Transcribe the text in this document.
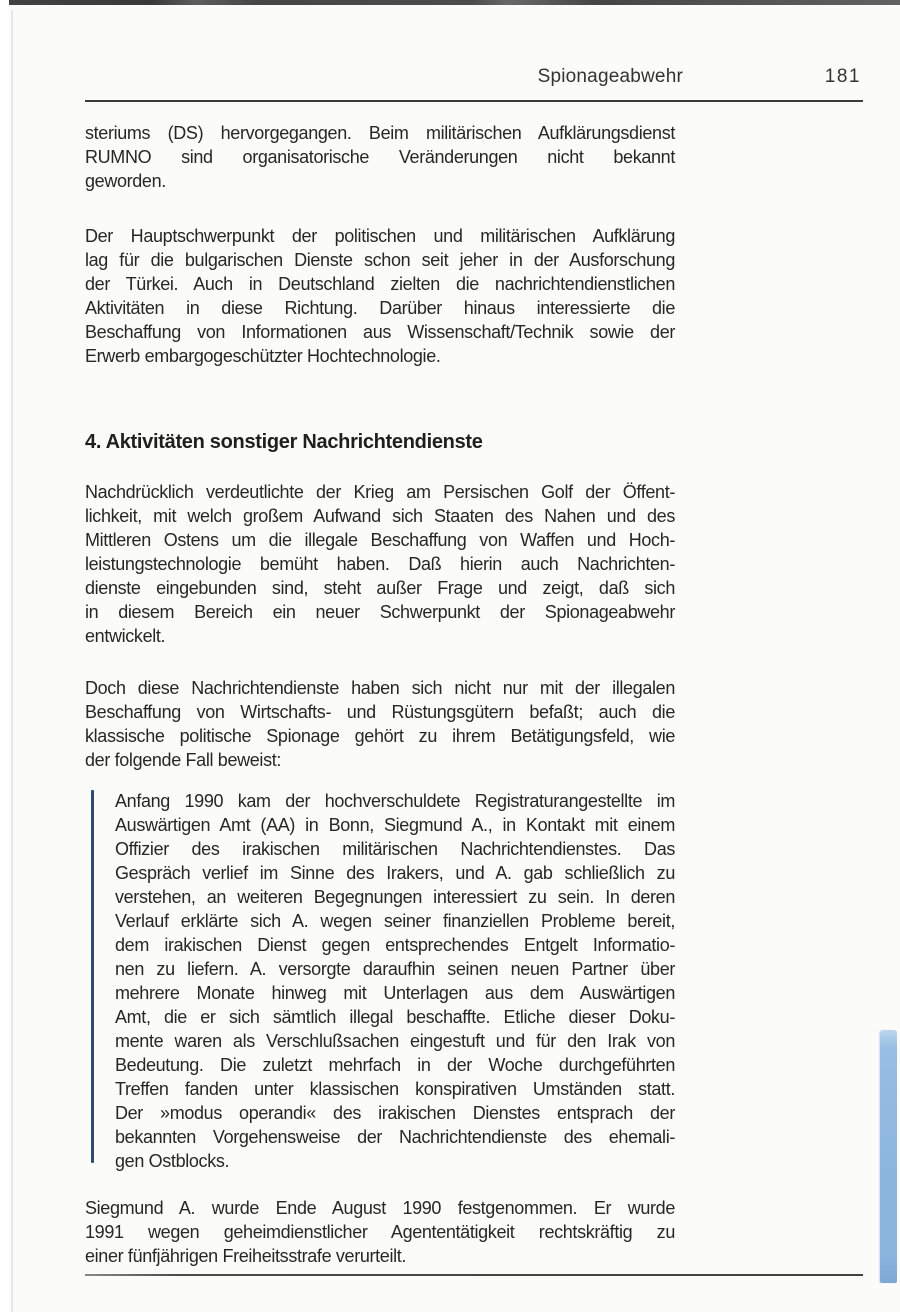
Spionageabwehr	181
steriums (DS) hervorgegangen. Beim militärischen Aufklärungsdienst
RUMNO sind organisatorische Veränderungen nicht bekannt
geworden.
Der Hauptschwerpunkt der politischen und militärischen Aufklärung
lag für die bulgarischen Dienste schon seit jeher in der Ausforschung
der Türkei. Auch in Deutschland zielten die nachrichtendienstlichen
Aktivitäten in diese Richtung. Darüber hinaus interessierte die
Beschaffung von Informationen aus Wissenschaft/Technik sowie der
Erwerb embargogeschützter Hochtechnologie.
4. Aktivitäten sonstiger Nachrichtendienste
Nachdrücklich verdeutlichte der Krieg am Persischen Golf der Öffent-
lichkeit, mit welch großem Aufwand sich Staaten des Nahen und des
Mittleren Ostens um die illegale Beschaffung von Waffen und Hoch-
leistungstechnologie bemüht haben. Daß hierin auch Nachrichten-
dienste eingebunden sind, steht außer Frage und zeigt, daß sich
in diesem Bereich ein neuer Schwerpunkt der Spionageabwehr
entwickelt.
Doch diese Nachrichtendienste haben sich nicht nur mit der illegalen
Beschaffung von Wirtschafts- und Rüstungsgütern befaßt; auch die
klassische politische Spionage gehört zu ihrem Betätigungsfeld, wie
der folgende Fall beweist:
Anfang 1990 kam der hochverschuldete Registraturangestellte im
Auswärtigen Amt (AA) in Bonn, Siegmund A., in Kontakt mit einem
Offizier des irakischen militärischen Nachrichtendienstes. Das
Gespräch verlief im Sinne des Irakers, und A. gab schließlich zu
verstehen, an weiteren Begegnungen interessiert zu sein. In deren
Verlauf erklärte sich A. wegen seiner finanziellen Probleme bereit,
dem irakischen Dienst gegen entsprechendes Entgelt Informatio-
nen zu liefern. A. versorgte daraufhin seinen neuen Partner über
mehrere Monate hinweg mit Unterlagen aus dem Auswärtigen
Amt, die er sich sämtlich illegal beschaffte. Etliche dieser Doku-
mente waren als Verschlußsachen eingestuft und für den Irak von
Bedeutung. Die zuletzt mehrfach in der Woche durchgeführten
Treffen fanden unter klassischen konspirativen Umständen statt.
Der »modus operandi« des irakischen Dienstes entsprach der
bekannten Vorgehensweise der Nachrichtendienste des ehemali-
gen Ostblocks.
Siegmund A. wurde Ende August 1990 festgenommen. Er wurde
1991 wegen geheimdienstlicher Agententätigkeit rechtskräftig zu
einer fünfjährigen Freiheitsstrafe verurteilt.
